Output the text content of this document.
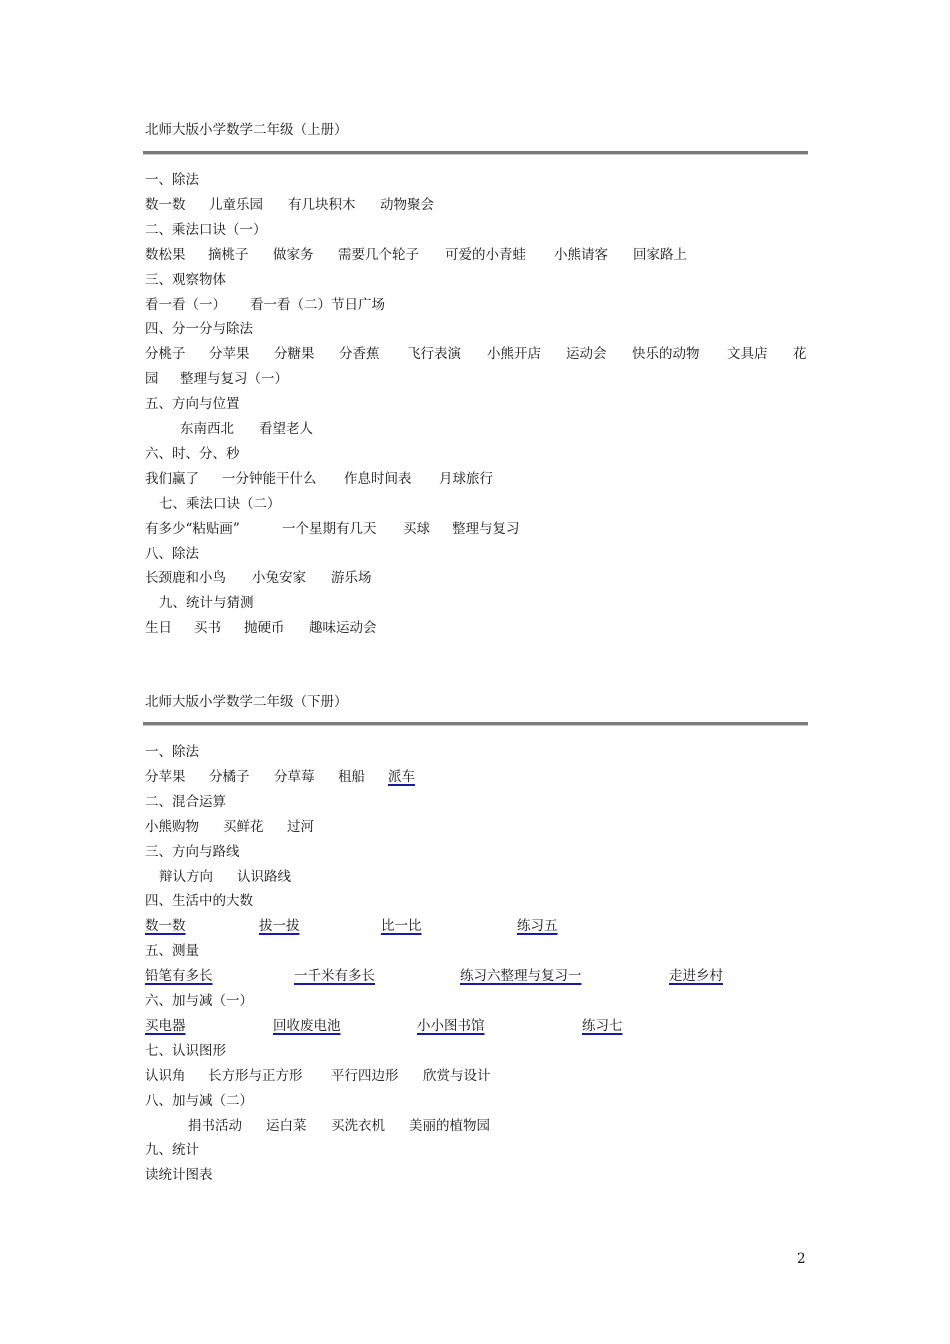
北师大版小学数学二年级（上册）
一、除法
数一数 儿童乐园 有几块积木 动物聚会
二、乘法口诀（一）
数松果 摘桃子 做家务 需要几个轮子 可爱的小青蛙 小熊请客 回家路上
三、观察物体
看一看（一） 看一看（二）节日广场
四、分一分与除法
分桃子 分苹果 分糖果 分香蕉 飞行表演 小熊开店 运动会 快乐的动物 文具店 花
园 整理与复习（一）
五、方向与位置
东南西北 看望老人
六、时、分、秒
我们赢了 一分钟能干什么 作息时间表 月球旅行
七、乘法口诀（二）
有多少“粘贴画”	一个星期有几天 买球 整理与复习
八、除法
长颈鹿和小鸟 小兔安家 游乐场
九、统计与猜测
生日 买书 抛硬币 趣味运动会
北师大版小学数学二年级（下册）
一、除法
分苹果 分橘子 分草莓 租船 派车
二、混合运算
小熊购物 买鲜花 过河
三、方向与路线
辩认方向 认识路线
四、生活中的大数
数一数	拔一拔	比一比	练习五
五、测量
铅笔有多长	一千米有多长	练习六整理与复习一	走进乡村
六、加与减（一）
买电器	回收废电池	小小图书馆	练习七
七、认识图形
认识角 长方形与正方形 平行四边形 欣赏与设计
八、加与减（二）
捐书活动 运白菜 买洗衣机 美丽的植物园
九、统计
读统计图表
2
